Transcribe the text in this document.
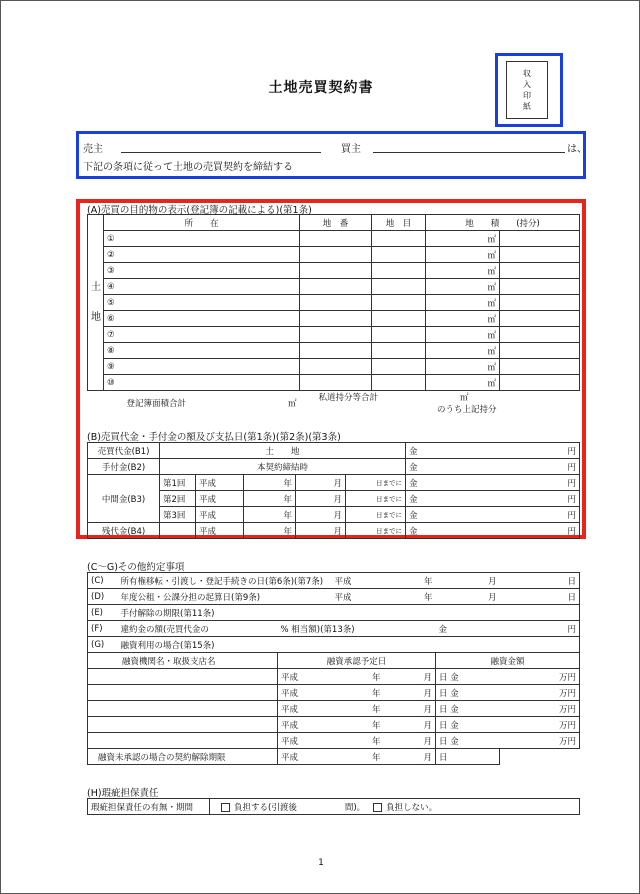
土地売買契約書
収
入
印
紙
売主	買主	は、
下記の条項に従って土地の売買契約を締結する
(A)売買の目的物の表示(登記簿の記載による)(第1条)
土
地	所　　在	地　番	地　目	地　　積　　(持分)	
	①			㎡	
	②			㎡	
	③			㎡	
	④			㎡	
	⑤			㎡	
	⑥			㎡	
	⑦			㎡	
	⑧			㎡	
	⑨			㎡	
	⑩			㎡	
登記簿面積合計 ㎡		私道持分等合計 ㎡
のうち上記持分			
(B)売買代金・手付金の額及び支払日(第1条)(第2条)(第3条)
売買代金(B1)	土　　地					金 円

手付金(B2)	本契約締結時					金 円

中間金(B3)	第1回	平成	年	月	日までに	金 円

	第2回	平成	年	月	日までに	金 円

	第3回	平成	年	月	日までに	金 円

残代金(B4)		平成	年	月	日までに	金 円
(C～G)その他約定事項
(C)	所有権移転・引渡し・登記手続きの日(第6条)(第7条)		平成	年	月	日
(D)	年度公租・公課分担の起算日(第9条)		平成	年	月	日
(E)	手付解除の期限(第11条)					
(F)	違約金の額(売買代金の	% 相当額)(第13条)			金	円
(G)	融資利用の場合(第15条)					
融資機関名・取扱支店名		融資承認予定日			融資金額	
		平成	年	月	日 金	万円
		平成	年	月	日 金	万円
		平成	年	月	日 金	万円
		平成	年	月	日 金	万円
		平成	年	月	日 金	万円
融資未承認の場合の契約解除期限		平成	年	月	日	
(H)瑕疵担保責任
瑕疵担保責任の有無・期間	負担する(引渡後	間)。 負担しない。
1
